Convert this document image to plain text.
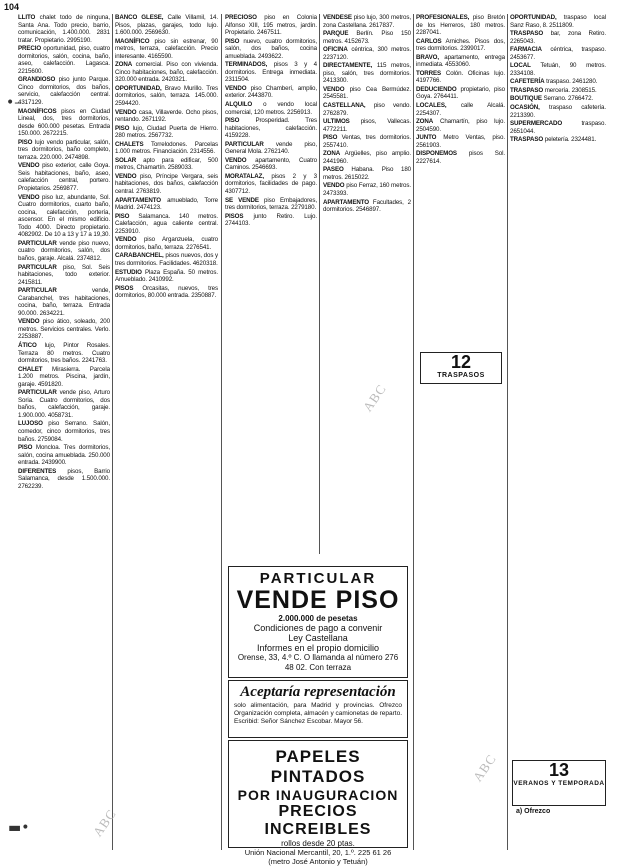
104

LLITO chalet todo de ninguna, Santa Ana. Todo precio, barrio, comunicación, 1.400.000. 2831 tratar. Propietario. 2995190.

PRECIO oportunidad, piso, cuatro dormitorios, salón, cocina, baño, aseo, calefacción. Lagasca. 2215600.

GRANDIOSO piso junto Parque. Cinco dormitorios, dos baños, servicio, calefacción central. 4317129.

MAGNÍFICOS pisos en Ciudad Lineal, dos, tres dormitorios, desde 600.000 pesetas. Entrada 150.000. 2672215.

PISO lujo vendo particular, salón, tres dormitorios, baño completo, terraza. 220.000. 2474898.

VENDO piso exterior, calle Goya. Seis habitaciones, baño, aseo, calefacción central, portero. Propietarios. 2569877.

VENDO piso luz, abundante, Sol. Cuatro dormitorios, cuarto baño, cocina, calefacción, portería, ascensor. En el mismo edificio. Todo 4000. Directo propietario. 4082902. De 10 a 13 y 17 a 19,30.

PARTICULAR vende piso nuevo, cuatro dormitorios, salón, dos baños, garaje. Alcalá. 2374812.

PARTICULAR piso, Sol. Seis habitaciones, todo exterior. 2415811.

PARTICULAR	vende, Carabanchel, tres habitaciones, cocina, baño, terraza. Entrada 90.000. 2634221.

VENDO piso ático, soleado, 200 metros. Servicios centrales. Verlo. 2253887.

ÁTICO lujo, Pintor Rosales. Terraza 80 metros. Cuatro dormitorios, tres baños. 2241763.

CHALET Mirasierra. Parcela 1.200 metros. Piscina, jardín, garaje. 4591820.

PARTICULAR vende piso, Arturo Soria. Cuatro dormitorios, dos baños, calefacción, garaje. 1.900.000. 4058731.

LUJOSO piso Serrano. Salón, comedor, cinco dormitorios, tres baños. 2759084.

PISO Moncloa. Tres dormitorios, salón, cocina amueblada. 250.000 entrada. 2439900.

DIFERENTES pisos, Barrio Salamanca, desde 1.500.000. 2762239.

BANCO GLESE, Calle Villamil, 14. Pisos, plazas, garajes, todo lujo. 1.600.000. 2569630.

MAGNÍFICO piso sin estrenar, 90 metros, terraza, calefacción. Precio interesante. 4165590.

ZONA comercial. Piso con vivienda. Cinco habitaciones, baño, calefacción. 320.000 entrada. 2420321.

OPORTUNIDAD, Bravo Murillo. Tres dormitorios, salón, terraza. 145.000. 2594420.

VENDO casa, Villaverde. Ocho pisos, rentando. 2671192.

PISO lujo, Ciudad Puerta de Hierro. 280 metros. 2567732.

CHALETS Torrelodones. Parcelas 1.000 metros. Financiación. 2314556.

SOLAR apto para edificar, 500 metros, Chamartín. 2589033.

VENDO piso, Príncipe Vergara, seis habitaciones, dos baños, calefacción central. 2763819.

APARTAMENTO amueblado, Torre Madrid. 2474123.

PISO Salamanca. 140 metros. Calefacción, agua caliente central. 2253910.

VENDO piso Arganzuela, cuatro dormitorios, baño, terraza. 2276541.

CARABANCHEL, pisos nuevos, dos y tres dormitorios. Facilidades. 4620318.

ESTUDIO Plaza España. 50 metros. Amueblado. 2410992.

PISOS Orcasitas, nuevos, tres dormitorios, 80.000 entrada. 2350887.

PRECIOSO piso en Colonia Alfonso XIII, 195 metros, jardín. Propietario. 2467511.

PISO nuevo, cuatro dormitorios, salón, dos baños, cocina amueblada. 2493622.

TERMINADOS, pisos 3 y 4 dormitorios. Entrega inmediata. 2311504.

VENDO piso Chamberí, amplio, exterior. 2443870.

ALQUILO o vendo local comercial, 120 metros. 2256913.

PISO	Prosperidad. Tres habitaciones, calefacción. 4159228.

PARTICULAR vende piso, General Mola. 2762140.

VENDO apartamento, Cuatro Caminos. 2546693.

MORATALAZ, pisos 2 y 3 dormitorios, facilidades de pago. 4307712.

SE VENDE piso Embajadores, tres dormitorios, terraza. 2279180.

PISOS junto Retiro. Lujo. 2744103.

VENDESE piso lujo, 300 metros, zona Castellana. 2617837.

PARQUE Berlín. Piso 150 metros. 4152673.

OFICINA céntrica, 300 metros. 2237120.

DIRECTAMENTE, 115 metros, piso, salón, tres dormitorios. 2413300.

VENDO piso Cea Bermúdez. 2545581.

CASTELLANA, piso vendo. 2762879.

ULTIMOS pisos, Vallecas. 4772211.

PISO Ventas, tres dormitorios. 2557410.

ZONA Argüelles, piso amplio. 2441960.

PASEO Habana. Piso 180 metros. 2615022.

VENDO piso Ferraz, 160 metros. 2473393.

APARTAMENTO Facultades, 2 dormitorios. 2546897.

PROFESIONALES, piso Bretón de los Herreros, 180 metros. 2287041.

CARLOS Arniches. Pisos dos, tres dormitorios. 2399017.

BRAVO, apartamento, entrega inmediata. 4553060.

TORRES Colón. Oficinas lujo. 4197766.

DEDUCIENDO propietario, piso Goya. 2764411.

LOCALES, calle Alcalá. 2254307.

ZONA Chamartín, piso lujo. 2504590.

JUNTO Metro Ventas, piso. 2561903.

DISPONEMOS pisos Sol. 2227614.

OPORTUNIDAD, traspaso local Sanz Raso, 8. 2511809.

TRASPASO bar, zona Retiro. 2265043.

FARMACIA céntrica, traspaso. 2453677.

LOCAL Tetuán, 90 metros. 2334108.

CAFETERÍA traspaso. 2461280.

TRASPASO mercería. 2308515.

BOUTIQUE Serrano. 2766472.

OCASIÓN, traspaso cafetería. 2213390.

SUPERMERCADO	traspaso. 2651044.

TRASPASO peletería. 2324481.

12
TRASPASOS
13
VERANOS Y TEMPORADA
a) Ofrezco
PARTICULAR
VENDE PISO
2.000.000 de pesetas
Condiciones de pago a convenir
Ley Castellana
Informes en el propio domicilio
Orense, 33, 4.º C. O llamanda al número 276 48 02. Con terraza
Aceptaría representación
solo alimentación, para Madrid y provincias. Ofrezco Organización completa, almacén y camionetas de reparto. Escribid: Señor Sánchez Escobar. Mayor 56.
PAPELES PINTADOS
POR INAUGURACION
PRECIOS INCREIBLES
rollos desde 20 ptas.
Unión Nacional Mercantil, 20, 1.º. 225 61 26
(metro José Antonio y Tetuán)
ABC
ABC
ABC
•–
▬•
